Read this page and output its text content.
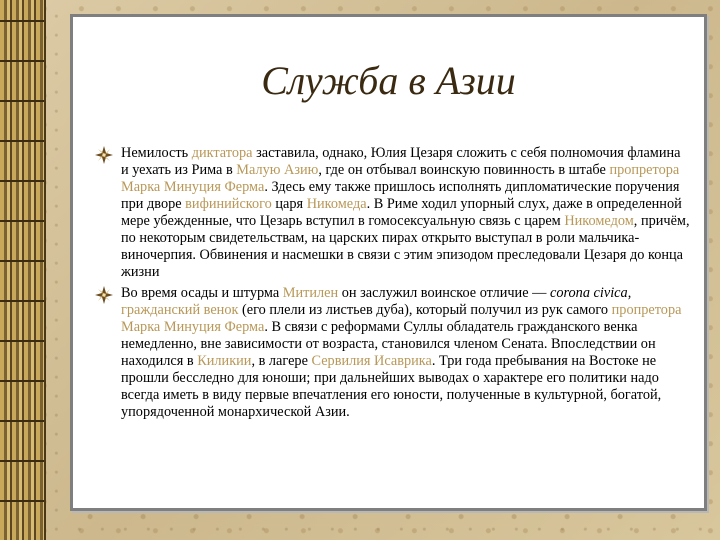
Служба в Азии
Немилость диктатора заставила, однако, Юлия Цезаря сложить с себя полномочия фламина и уехать из Рима в Малую Азию, где он отбывал воинскую повинность в штабе пропретора Марка Минуция Ферма. Здесь ему также пришлось исполнять дипломатические поручения при дворе вифинийского царя Никомеда. В Риме ходил упорный слух, даже в определенной мере убежденные, что Цезарь вступил в гомосексуальную связь с царем Никомедом, причём, по некоторым свидетельствам, на царских пирах открыто выступал в роли мальчика-виночерпия. Обвинения и насмешки в связи с этим эпизодом преследовали Цезаря до конца жизни
Во время осады и штурма Митилен он заслужил воинское отличие — corona civica, гражданский венок (его плели из листьев дуба), который получил из рук самого пропретора Марка Минуция Ферма. В связи с реформами Суллы обладатель гражданского венка немедленно, вне зависимости от возраста, становился членом Сената. Впоследствии он находился в Киликии, в лагере Сервилия Исаврика. Три года пребывания на Востоке не прошли бесследно для юноши; при дальнейших выводах о характере его политики надо всегда иметь в виду первые впечатления его юности, полученные в культурной, богатой, упорядоченной монархической Азии.
